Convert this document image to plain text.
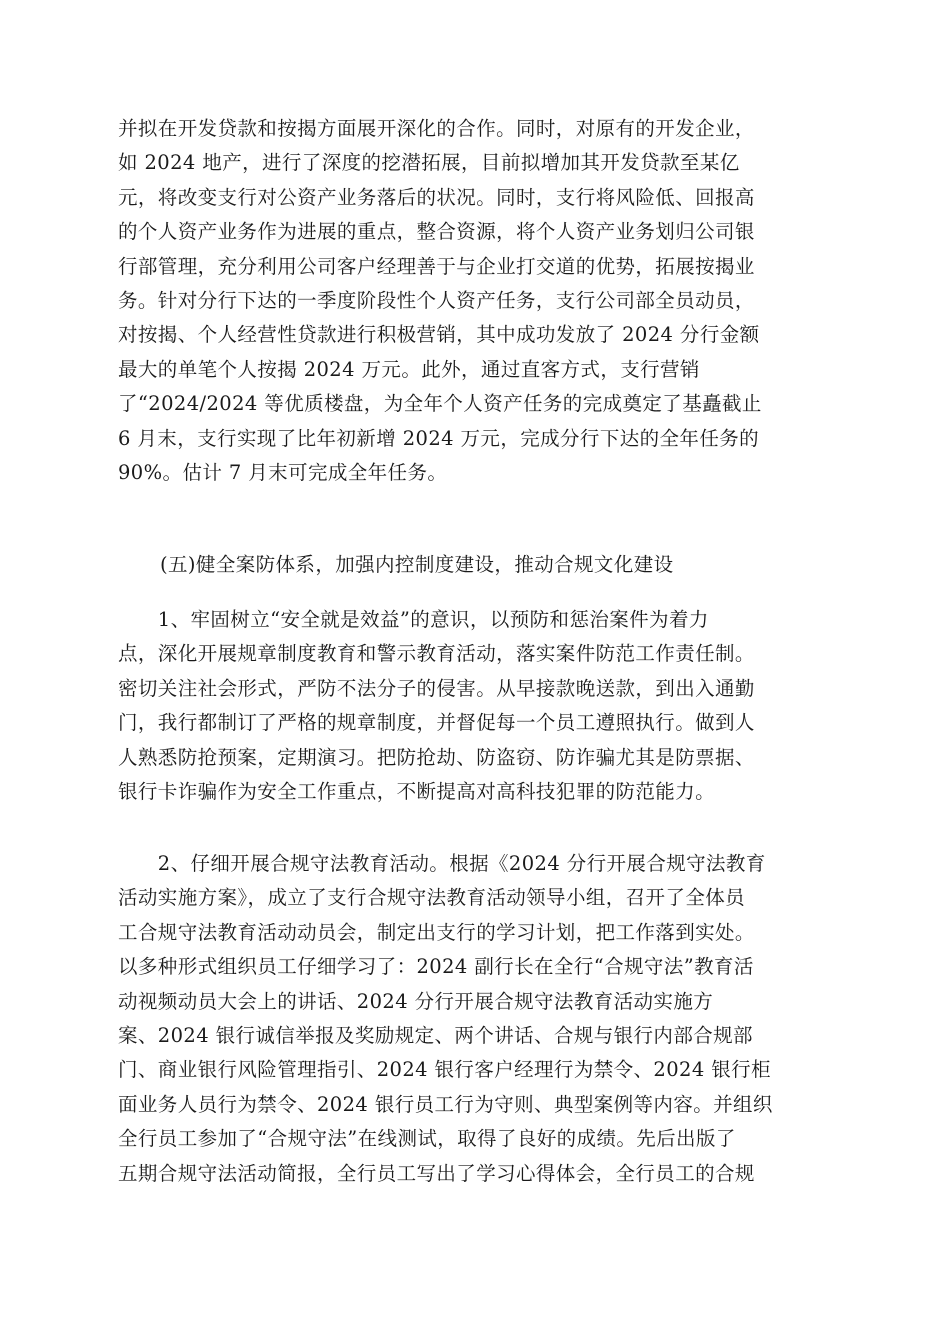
并拟在开发贷款和按揭方面展开深化的合作。同时，对原有的开发企业，
如 2024 地产，进行了深度的挖潜拓展，目前拟增加其开发贷款至某亿
元，将改变支行对公资产业务落后的状况。同时，支行将风险低、回报高
的个人资产业务作为进展的重点，整合资源，将个人资产业务划归公司银
行部管理，充分利用公司客户经理善于与企业打交道的优势，拓展按揭业
务。针对分行下达的一季度阶段性个人资产任务，支行公司部全员动员，
对按揭、个人经营性贷款进行积极营销，其中成功发放了 2024 分行金额
最大的单笔个人按揭 2024 万元。此外，通过直客方式，支行营销
了“2024/2024 等优质楼盘，为全年个人资产任务的完成奠定了基矗截止
6 月末，支行实现了比年初新增 2024 万元，完成分行下达的全年任务的
90%。估计 7 月末可完成全年任务。

(五)健全案防体系，加强内控制度建设，推动合规文化建设

　　1、牢固树立“安全就是效益”的意识，以预防和惩治案件为着力
点，深化开展规章制度教育和警示教育活动，落实案件防范工作责任制。
密切关注社会形式，严防不法分子的侵害。从早接款晚送款，到出入通勤
门，我行都制订了严格的规章制度，并督促每一个员工遵照执行。做到人
人熟悉防抢预案，定期演习。把防抢劫、防盗窃、防诈骗尤其是防票据、
银行卡诈骗作为安全工作重点，不断提高对高科技犯罪的防范能力。

　　2、仔细开展合规守法教育活动。根据《2024 分行开展合规守法教育
活动实施方案》，成立了支行合规守法教育活动领导小组，召开了全体员
工合规守法教育活动动员会，制定出支行的学习计划，把工作落到实处。
以多种形式组织员工仔细学习了：2024 副行长在全行“合规守法”教育活
动视频动员大会上的讲话、2024 分行开展合规守法教育活动实施方
案、2024 银行诚信举报及奖励规定、两个讲话、合规与银行内部合规部
门、商业银行风险管理指引、2024 银行客户经理行为禁令、2024 银行柜
面业务人员行为禁令、2024 银行员工行为守则、典型案例等内容。并组织
全行员工参加了“合规守法”在线测试，取得了良好的成绩。先后出版了
五期合规守法活动简报，全行员工写出了学习心得体会，全行员工的合规
